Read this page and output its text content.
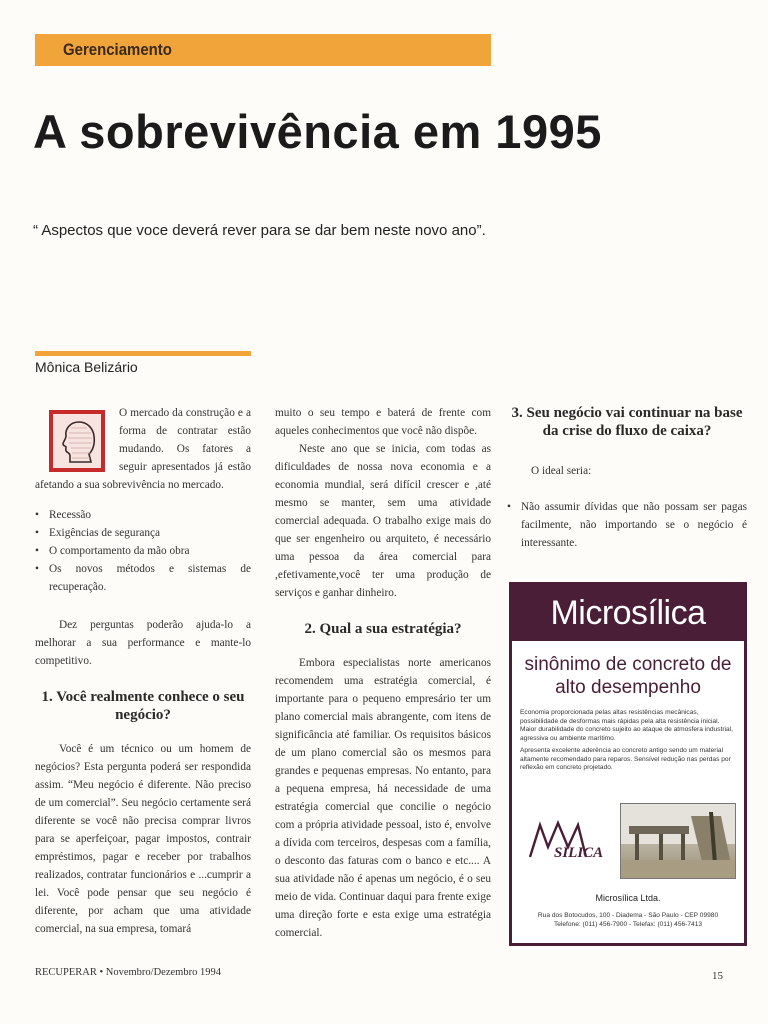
Gerenciamento
A sobrevivência em 1995
“ Aspectos que voce deverá rever para se dar bem neste novo ano”.
Mônica Belizário

O mercado da construção e a forma de contratar estão mudando. Os fatores a seguir apresentados já estão afetando a sua sobrevivência no mercado.

• Recessão
• Exigências de segurança
• O comportamento da mão obra
• Os novos métodos e sistemas de recuperação.

Dez perguntas poderão ajuda-lo a melhorar a sua performance e mante-lo competitivo.

1. Você realmente conhece o seu negócio?

Você é um técnico ou um homem de negócios? Esta pergunta poderá ser respondida assim. “Meu negócio é diferente. Não preciso de um comercial”. Seu negócio certamente será diferente se você não precisa comprar livros para se aperfeiçoar, pagar impostos, contrair empréstimos, pagar e receber por trabalhos realizados, contratar funcionários e ...cumprir a lei. Você pode pensar que seu negócio é diferente, por acham que uma atividade comercial, na sua empresa, tomará

muito o seu tempo e baterá de frente com aqueles conhecimentos que você não dispõe.

Neste ano que se inicia, com todas as dificuldades de nossa nova economia e a economia mundial, será difícil crescer e ,até mesmo se manter, sem uma atividade comercial adequada. O trabalho exige mais do que ser engenheiro ou arquiteto, é necessário uma pessoa da área comercial para ,efetivamente,você ter uma produção de serviços e ganhar dinheiro.

2. Qual a sua estratégia?

Embora especialistas norte americanos recomendem uma estratégia comercial, é importante para o pequeno empresário ter um plano comercial mais abrangente, com itens de significância até familiar. Os requisitos básicos de um plano comercial são os mesmos para grandes e pequenas empresas. No entanto, para a pequena empresa, há necessidade de uma estratégia comercial que concilie o negócio com a própria atividade pessoal, isto é, envolve a dívida com terceiros, despesas com a família, o desconto das faturas com o banco e etc.... A sua atividade não é apenas um negócio, é o seu meio de vida. Continuar daqui para frente exige uma direção forte e esta exige uma estratégia comercial.

3. Seu negócio vai continuar na base da crise do fluxo de caixa?

O ideal seria:

• Não assumir dívidas que não possam ser pagas facilmente, não importando se o negócio é interessante.
Microsílica
sinônimo de concreto de alto desempenho

Economia proporcionada pelas altas resistências mecânicas, possibilidade de desformas mais rápidas pela alta resistência inicial. Maior durabilidade do concreto sujeito ao ataque de atmosfera industrial, agressiva ou ambiente marítimo.

Apresenta excelente aderência ao concreto antigo sendo um material altamente recomendado para reparos. Sensível redução nas perdas por reflexão em concreto projetado.

SÍLICA
Microsílica Ltda.
Rua dos Botocudos, 100 - Diadema - São Paulo - CEP 09980
Telefone: (011) 456-7900 - Telefax: (011) 456-7413
RECUPERAR • Novembro/Dezembro 1994	15
